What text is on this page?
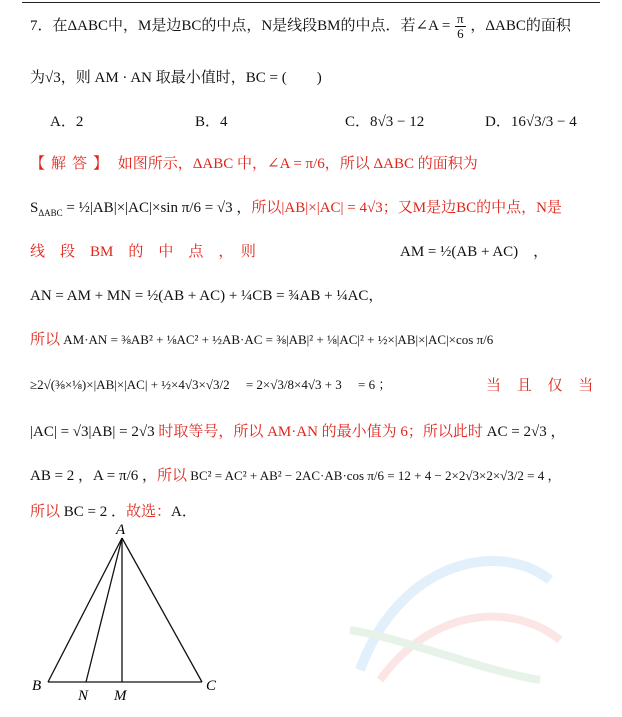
7．在ΔABC中，M是边BC的中点，N是线段BM的中点．若∠A = $\frac{\pi}{6}$ ，ΔABC的面积
为√3，则 AM · AN 取最小值时，BC = (　　)
A．2	B．4	C．8√3 − 12	D．16√3/3 − 4
【解答】 如图所示，ΔABC 中，∠A = π/6，所以 ΔABC 的面积为
$S_{\Delta ABC}$ = ½|AB|×|AC|×sin π/6 = √3 ，所以|AB|×|AC| = 4√3；又M是边BC的中点，N是
线　段　BM　的　中　点　，　则	AM = ½(AB + AC)　，
AN = AM + MN = ½(AB + AC) + ¼CB = ¾AB + ¼AC，
所以 AM·AN = ⅜AB² + ⅛AC² + ½AB·AC = ⅜|AB|² + ⅛|AC|² + ½×|AB|×|AC|×cos π/6
≥2√(⅜×⅛)×|AB|×|AC| + ½×4√3×√3/2　 = 2×√3/8×4√3 + 3　 = 6 ；	当 且 仅 当
|AC| = √3|AB| = 2√3 时取等号，所以 AM·AN 的最小值为 6；所以此时 AC = 2√3 ，
AB = 2 ，A = π/6 ，所以 BC² = AC² + AB² − 2AC·AB·cos π/6 = 12 + 4 − 2×2√3×2×√3/2 = 4 ，
所以 BC = 2 ．故选：A．
A
B	C
N M
